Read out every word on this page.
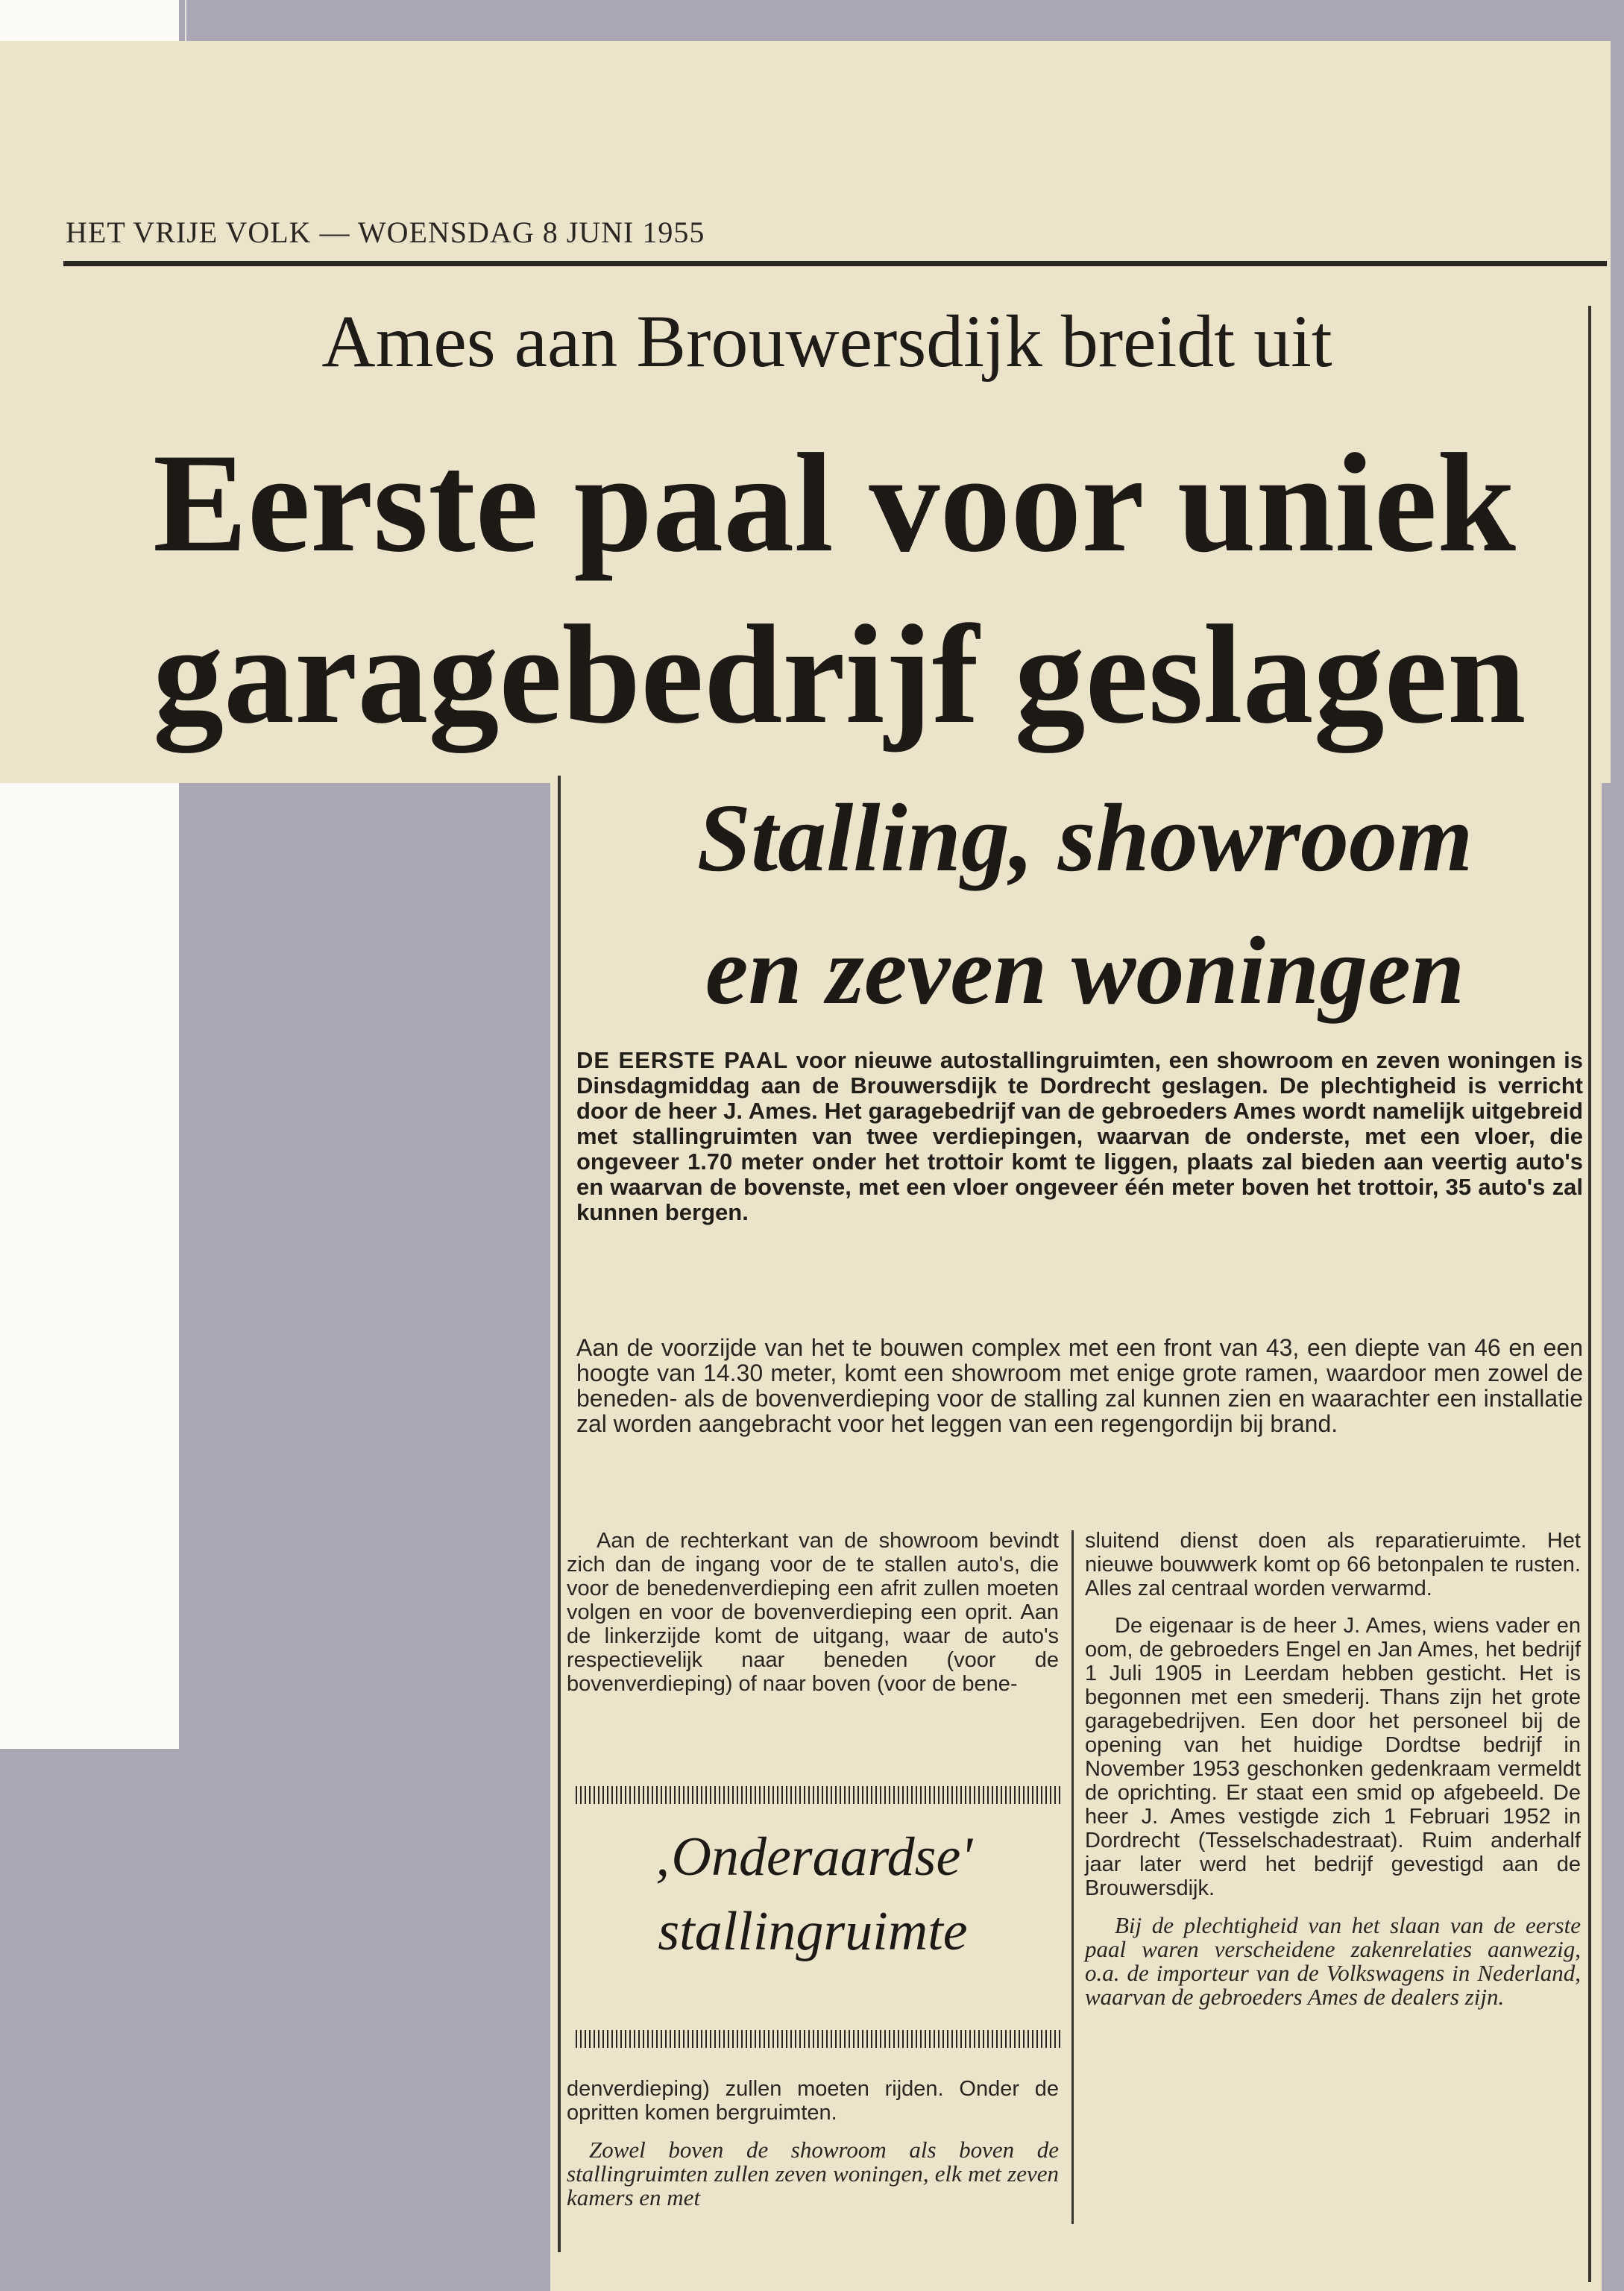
HET VRIJE VOLK — WOENSDAG 8 JUNI 1955
Ames aan Brouwersdijk breidt uit
Eerste paal voor uniek
garagebedrijf geslagen
Stalling, showroom
en zeven woningen
DE EERSTE PAAL voor nieuwe autostallingruimten, een showroom en zeven woningen is Dinsdagmiddag aan de Brouwersdijk te Dordrecht geslagen. De plechtigheid is verricht door de heer J. Ames. Het garagebedrijf van de gebroeders Ames wordt namelijk uitgebreid met stallingruimten van twee verdiepingen, waarvan de onderste, met een vloer, die ongeveer 1.70 meter onder het trottoir komt te liggen, plaats zal bieden aan veertig auto's en waarvan de bovenste, met een vloer ongeveer één meter boven het trottoir, 35 auto's zal kunnen bergen.
Aan de voorzijde van het te bouwen complex met een front van 43, een diepte van 46 en een hoogte van 14.30 meter, komt een showroom met enige grote ramen, waardoor men zowel de beneden- als de bovenverdieping voor de stalling zal kunnen zien en waarachter een installatie zal worden aangebracht voor het leggen van een regengordijn bij brand.

Aan de rechterkant van de showroom bevindt zich dan de ingang voor de te stallen auto's, die voor de benedenverdieping een afrit zullen moeten volgen en voor de bovenverdieping een oprit. Aan de linkerzijde komt de uitgang, waar de auto's respectievelijk naar beneden (voor de bovenverdieping) of naar boven (voor de bene-

‚Onderaardse'
stallingruimte

denverdieping) zullen moeten rijden. Onder de opritten komen bergruimten.

Zowel boven de showroom als boven de stallingruimten zullen zeven woningen, elk met zeven kamers en met

sluitend dienst doen als reparatieruimte. Het nieuwe bouwwerk komt op 66 betonpalen te rusten. Alles zal centraal worden verwarmd.

De eigenaar is de heer J. Ames, wiens vader en oom, de gebroeders Engel en Jan Ames, het bedrijf 1 Juli 1905 in Leerdam hebben gesticht. Het is begonnen met een smederij. Thans zijn het grote garagebedrijven. Een door het personeel bij de opening van het huidige Dordtse bedrijf in November 1953 geschonken gedenkraam vermeldt de oprichting. Er staat een smid op afgebeeld. De heer J. Ames vestigde zich 1 Februari 1952 in Dordrecht (Tesselschadestraat). Ruim anderhalf jaar later werd het bedrijf gevestigd aan de Brouwersdijk.

Bij de plechtigheid van het slaan van de eerste paal waren verscheidene zakenrelaties aanwezig, o.a. de importeur van de Volkswagens in Nederland, waarvan de gebroeders Ames de dealers zijn.
